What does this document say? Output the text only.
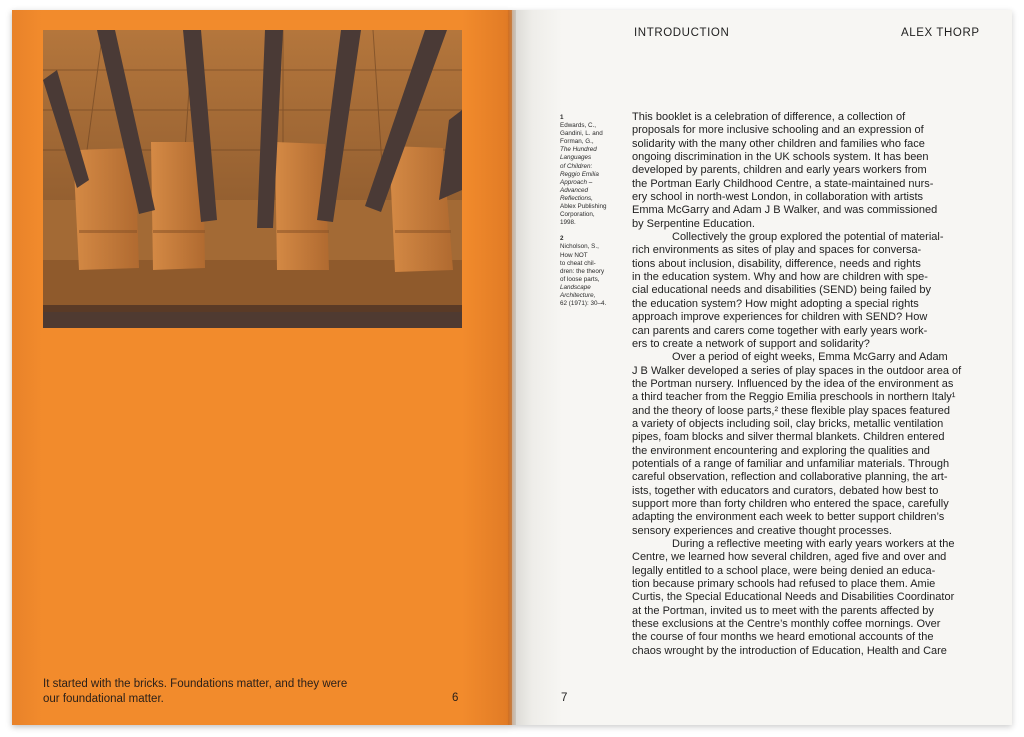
It started with the bricks. Foundations matter, and they were
our foundational matter.	6
INTRODUCTION	ALEX THORP
1
Edwards, C.,
Gandini, L. and
Forman, G.,
The Hundred
Languages
of Children:
Reggio Emilia
Approach –
Advanced
Reflections,
Ablex Publishing
Corporation,
1998.
2
Nicholson, S.,
How NOT
to cheat chil-
dren: the theory
of loose parts,
Landscape
Architecture,
62 (1971): 30–4.
This booklet is a celebration of difference, a collection of
proposals for more inclusive schooling and an expression of
solidarity with the many other children and families who face
ongoing discrimination in the UK schools system. It has been
developed by parents, children and early years workers from
the Portman Early Childhood Centre, a state-maintained nurs-
ery school in north-west London, in collaboration with artists
Emma McGarry and Adam J B Walker, and was commissioned
by Serpentine Education.
Collectively the group explored the potential of material-
rich environments as sites of play and spaces for conversa-
tions about inclusion, disability, difference, needs and rights
in the education system. Why and how are children with spe-
cial educational needs and disabilities (SEND) being failed by
the education system? How might adopting a special rights
approach improve experiences for children with SEND? How
can parents and carers come together with early years work-
ers to create a network of support and solidarity?
Over a period of eight weeks, Emma McGarry and Adam
J B Walker developed a series of play spaces in the outdoor area of
the Portman nursery. Influenced by the idea of the environment as
a third teacher from the Reggio Emilia preschools in northern Italy¹
and the theory of loose parts,² these flexible play spaces featured
a variety of objects including soil, clay bricks, metallic ventilation
pipes, foam blocks and silver thermal blankets. Children entered
the environment encountering and exploring the qualities and
potentials of a range of familiar and unfamiliar materials. Through
careful observation, reflection and collaborative planning, the art-
ists, together with educators and curators, debated how best to
support more than forty children who entered the space, carefully
adapting the environment each week to better support children’s
sensory experiences and creative thought processes.
During a reflective meeting with early years workers at the
Centre, we learned how several children, aged five and over and
legally entitled to a school place, were being denied an educa-
tion because primary schools had refused to place them. Amie
Curtis, the Special Educational Needs and Disabilities Coordinator
at the Portman, invited us to meet with the parents affected by
these exclusions at the Centre’s monthly coffee mornings. Over
the course of four months we heard emotional accounts of the
chaos wrought by the introduction of Education, Health and Care
7
